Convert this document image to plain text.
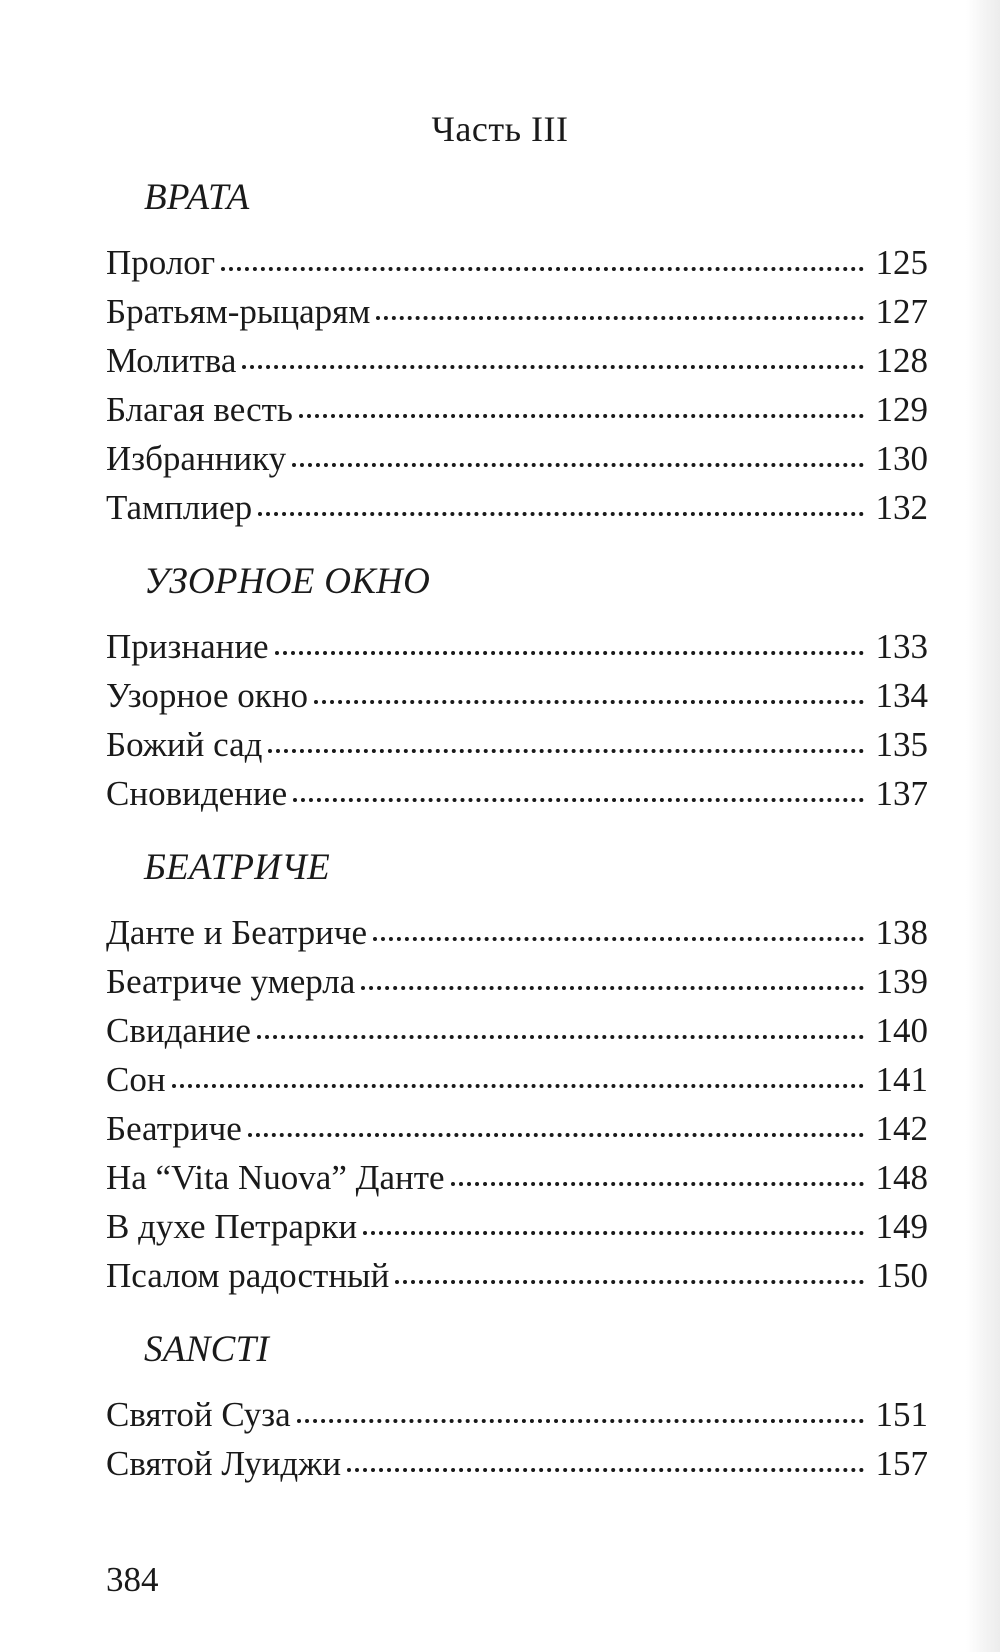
Часть III
ВРАТА
Пролог	125
Братьям-рыцарям	127
Молитва	128
Благая весть	129
Избраннику	130
Тамплиер	132
УЗОРНОЕ ОКНО
Признание	133
Узорное окно	134
Божий сад	135
Сновидение	137
БЕАТРИЧЕ
Данте и Беатриче	138
Беатриче умерла	139
Свидание	140
Сон	141
Беатриче	142
На “Vita Nuova” Данте	148
В духе Петрарки	149
Псалом радостный	150
SANCTI
Святой Суза	151
Святой Луиджи	157
384
